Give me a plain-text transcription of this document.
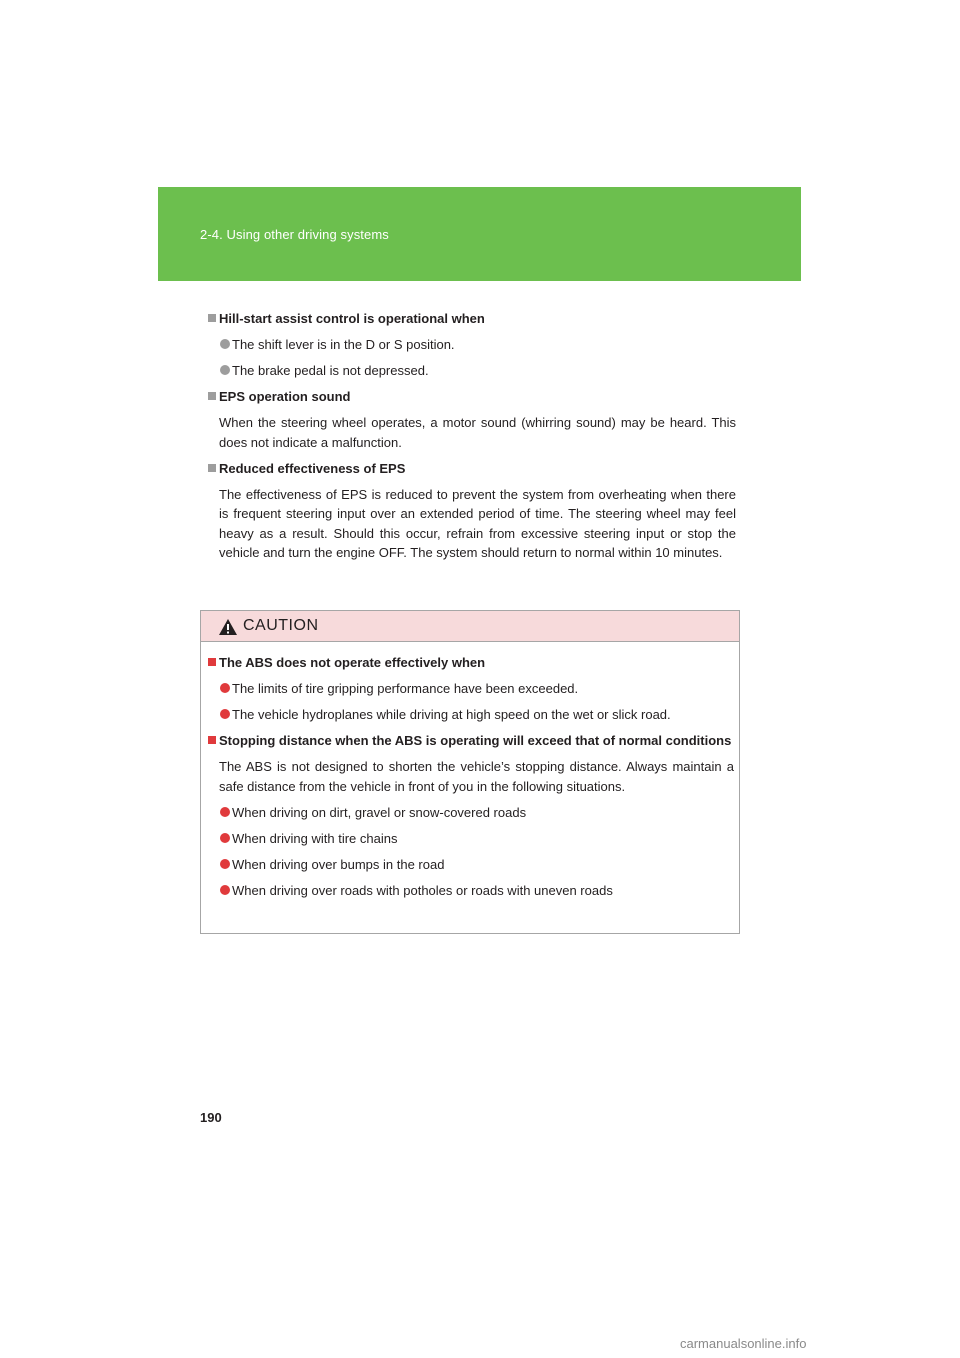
2-4. Using other driving systems
Hill-start assist control is operational when
The shift lever is in the D or S position.
The brake pedal is not depressed.
EPS operation sound
When the steering wheel operates, a motor sound (whirring sound) may be heard. This does not indicate a malfunction.
Reduced effectiveness of EPS
The effectiveness of EPS is reduced to prevent the system from overheating when there is frequent steering input over an extended period of time. The steering wheel may feel heavy as a result. Should this occur, refrain from excessive steering input or stop the vehicle and turn the engine OFF. The system should return to normal within 10 minutes.
CAUTION
The ABS does not operate effectively when
The limits of tire gripping performance have been exceeded.
The vehicle hydroplanes while driving at high speed on the wet or slick road.
Stopping distance when the ABS is operating will exceed that of normal conditions
The ABS is not designed to shorten the vehicle’s stopping distance. Always maintain a safe distance from the vehicle in front of you in the following situations.
When driving on dirt, gravel or snow-covered roads
When driving with tire chains
When driving over bumps in the road
When driving over roads with potholes or roads with uneven roads
190
carmanualsonline.info
